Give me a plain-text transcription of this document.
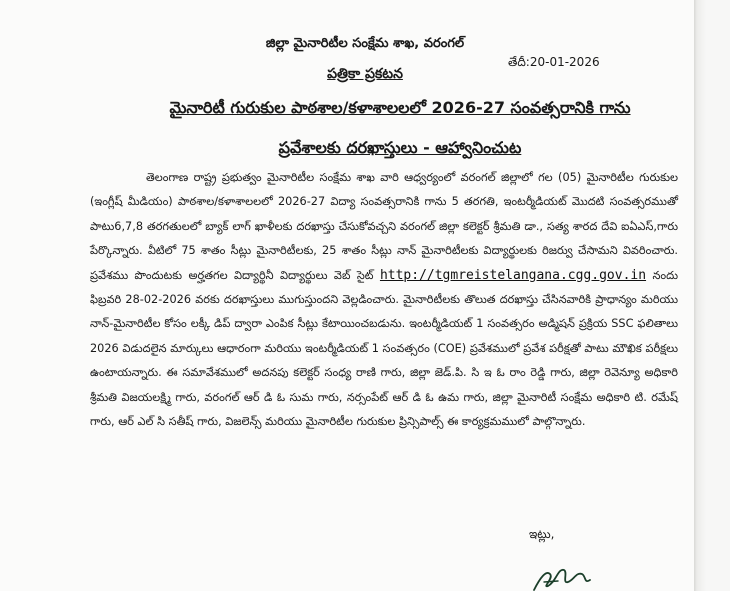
జిల్లా మైనారిటీల సంక్షేమ శాఖ, వరంగల్
తేదీ:20-01-2026
పత్రికా ప్రకటన
మైనారిటీ గురుకుల పాఠశాల/కళాశాలలలో 2026-27 సంవత్సరానికి గాను
ప్రవేశాలకు దరఖాస్తులు - ఆహ్వానించుట
తెలంగాణ రాష్ట్ర ప్రభుత్వం మైనారిటీల సంక్షేమ శాఖ వారి ఆధ్వర్యంలో వరంగల్ జిల్లాలో గల (05) మైనారిటీల గురుకుల (ఇంగ్లీష్ మీడియం) పాఠశాల/కళాశాలలలో 2026-27 విద్యా సంవత్సరానికి గాను 5 తరగతి, ఇంటర్మీడియట్ మొదటి సంవత్సరముతో పాటు6,7,8 తరగతులలో బ్యాక్ లాగ్ ఖాళీలకు దరఖాస్తు చేసుకోవచ్చని వరంగల్ జిల్లా కలెక్టర్ శ్రీమతి డా., సత్య శారద దేవి ఐఏఎస్,గారు పేర్కొన్నారు. వీటిలో 75 శాతం సీట్లు మైనారిటీలకు, 25 శాతం సీట్లు నాన్ మైనారిటీలకు విద్యార్థులకు రిజర్వు చేసామని వివరించారు. ప్రవేశము పొందుటకు అర్హతగల విద్యార్థినీ విద్యార్థులు వెబ్ సైట్ http://tgmreistelangana.cgg.gov.in నందు ఫిబ్రవరి 28-02-2026 వరకు దరఖాస్తులు ముగుస్తుందని వెల్లడించారు. మైనారిటీలకు తొలుత దరఖాస్తు చేసినవారికి ప్రాధాన్యం మరియు నాన్-మైనారిటీల కోసం లక్కీ డిప్ ద్వారా ఎంపిక సీట్లు కేటాయించబడును. ఇంటర్మీడియట్ 1 సంవత్సరం అడ్మిషన్ ప్రక్రియ SSC ఫలితాలు 2026 విడుదలైన మార్కులు ఆధారంగా మరియు ఇంటర్మీడియట్ 1 సంవత్సరం (COE) ప్రవేశములో ప్రవేశ పరీక్షతో పాటు మౌఖిక పరీక్షలు ఉంటాయన్నారు. ఈ సమావేశములో అదనపు కలెక్టర్ సంధ్య రాణి గారు, జిల్లా జెడ్.పి. సి ఇ ఓ రాం రెడ్డి గారు, జిల్లా రెవెన్యూ అధికారి శ్రీమతి విజయలక్ష్మి గారు, వరంగల్ ఆర్ డి ఓ సుమ గారు, నర్సంపేట్ ఆర్ డి ఓ ఉమ గారు, జిల్లా మైనారిటీ సంక్షేమ అధికారి టి. రమేష్ గారు, ఆర్ ఎల్ సి సతీష్ గారు, విజలెన్స్ మరియు మైనారిటీల గురుకుల ప్రిన్సిపాల్స్ ఈ కార్యక్రమములో పాల్గొన్నారు.
ఇట్లు,
